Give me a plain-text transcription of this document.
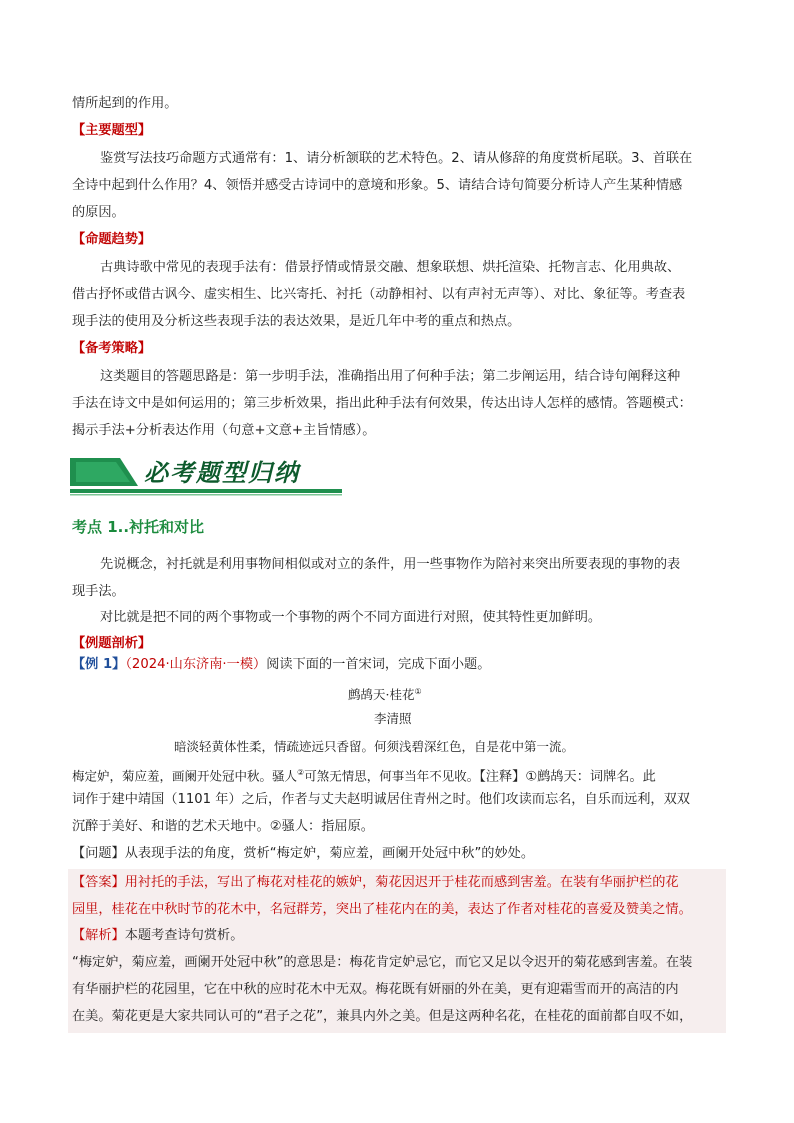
情所起到的作用。
【主要题型】
鉴赏写法技巧命题方式通常有：1、请分析颔联的艺术特色。2、请从修辞的角度赏析尾联。3、首联在
全诗中起到什么作用？4、领悟并感受古诗词中的意境和形象。5、请结合诗句简要分析诗人产生某种情感
的原因。
【命题趋势】
古典诗歌中常见的表现手法有：借景抒情或情景交融、想象联想、烘托渲染、托物言志、化用典故、
借古抒怀或借古讽今、虚实相生、比兴寄托、衬托（动静相衬、以有声衬无声等）、对比、象征等。考查表
现手法的使用及分析这些表现手法的表达效果，是近几年中考的重点和热点。
【备考策略】
这类题目的答题思路是：第一步明手法，准确指出用了何种手法；第二步阐运用，结合诗句阐释这种
手法在诗文中是如何运用的；第三步析效果，指出此种手法有何效果，传达出诗人怎样的感情。答题模式：
揭示手法+分析表达作用（句意+文意+主旨情感）。
必考题型归纳
考点 1..衬托和对比
先说概念，衬托就是利用事物间相似或对立的条件，用一些事物作为陪衬来突出所要表现的事物的表
现手法。
对比就是把不同的两个事物或一个事物的两个不同方面进行对照，使其特性更加鲜明。
【例题剖析】
【例 1】（2024·山东济南·一模）阅读下面的一首宋词，完成下面小题。
鹧鸪天·桂花①
李清照
暗淡轻黄体性柔，情疏迹远只香留。何须浅碧深红色，自是花中第一流。
梅定妒，菊应羞，画阑开处冠中秋。骚人②可煞无情思，何事当年不见收。【注释】①鹧鸪天：词牌名。此
词作于建中靖国（1101 年）之后，作者与丈夫赵明诚居住青州之时。他们攻读而忘名，自乐而远利，双双
沉醉于美好、和谐的艺术天地中。②骚人：指屈原。
【问题】从表现手法的角度，赏析“梅定妒，菊应羞，画阑开处冠中秋”的妙处。
【答案】用衬托的手法，写出了梅花对桂花的嫉妒，菊花因迟开于桂花而感到害羞。在装有华丽护栏的花
园里，桂花在中秋时节的花木中，名冠群芳，突出了桂花内在的美，表达了作者对桂花的喜爱及赞美之情。
【解析】本题考查诗句赏析。
“梅定妒，菊应羞，画阑开处冠中秋”的意思是：梅花肯定妒忌它，而它又足以令迟开的菊花感到害羞。在装
有华丽护栏的花园里，它在中秋的应时花木中无双。梅花既有妍丽的外在美，更有迎霜雪而开的高洁的内
在美。菊花更是大家共同认可的“君子之花”，兼具内外之美。但是这两种名花，在桂花的面前都自叹不如，
